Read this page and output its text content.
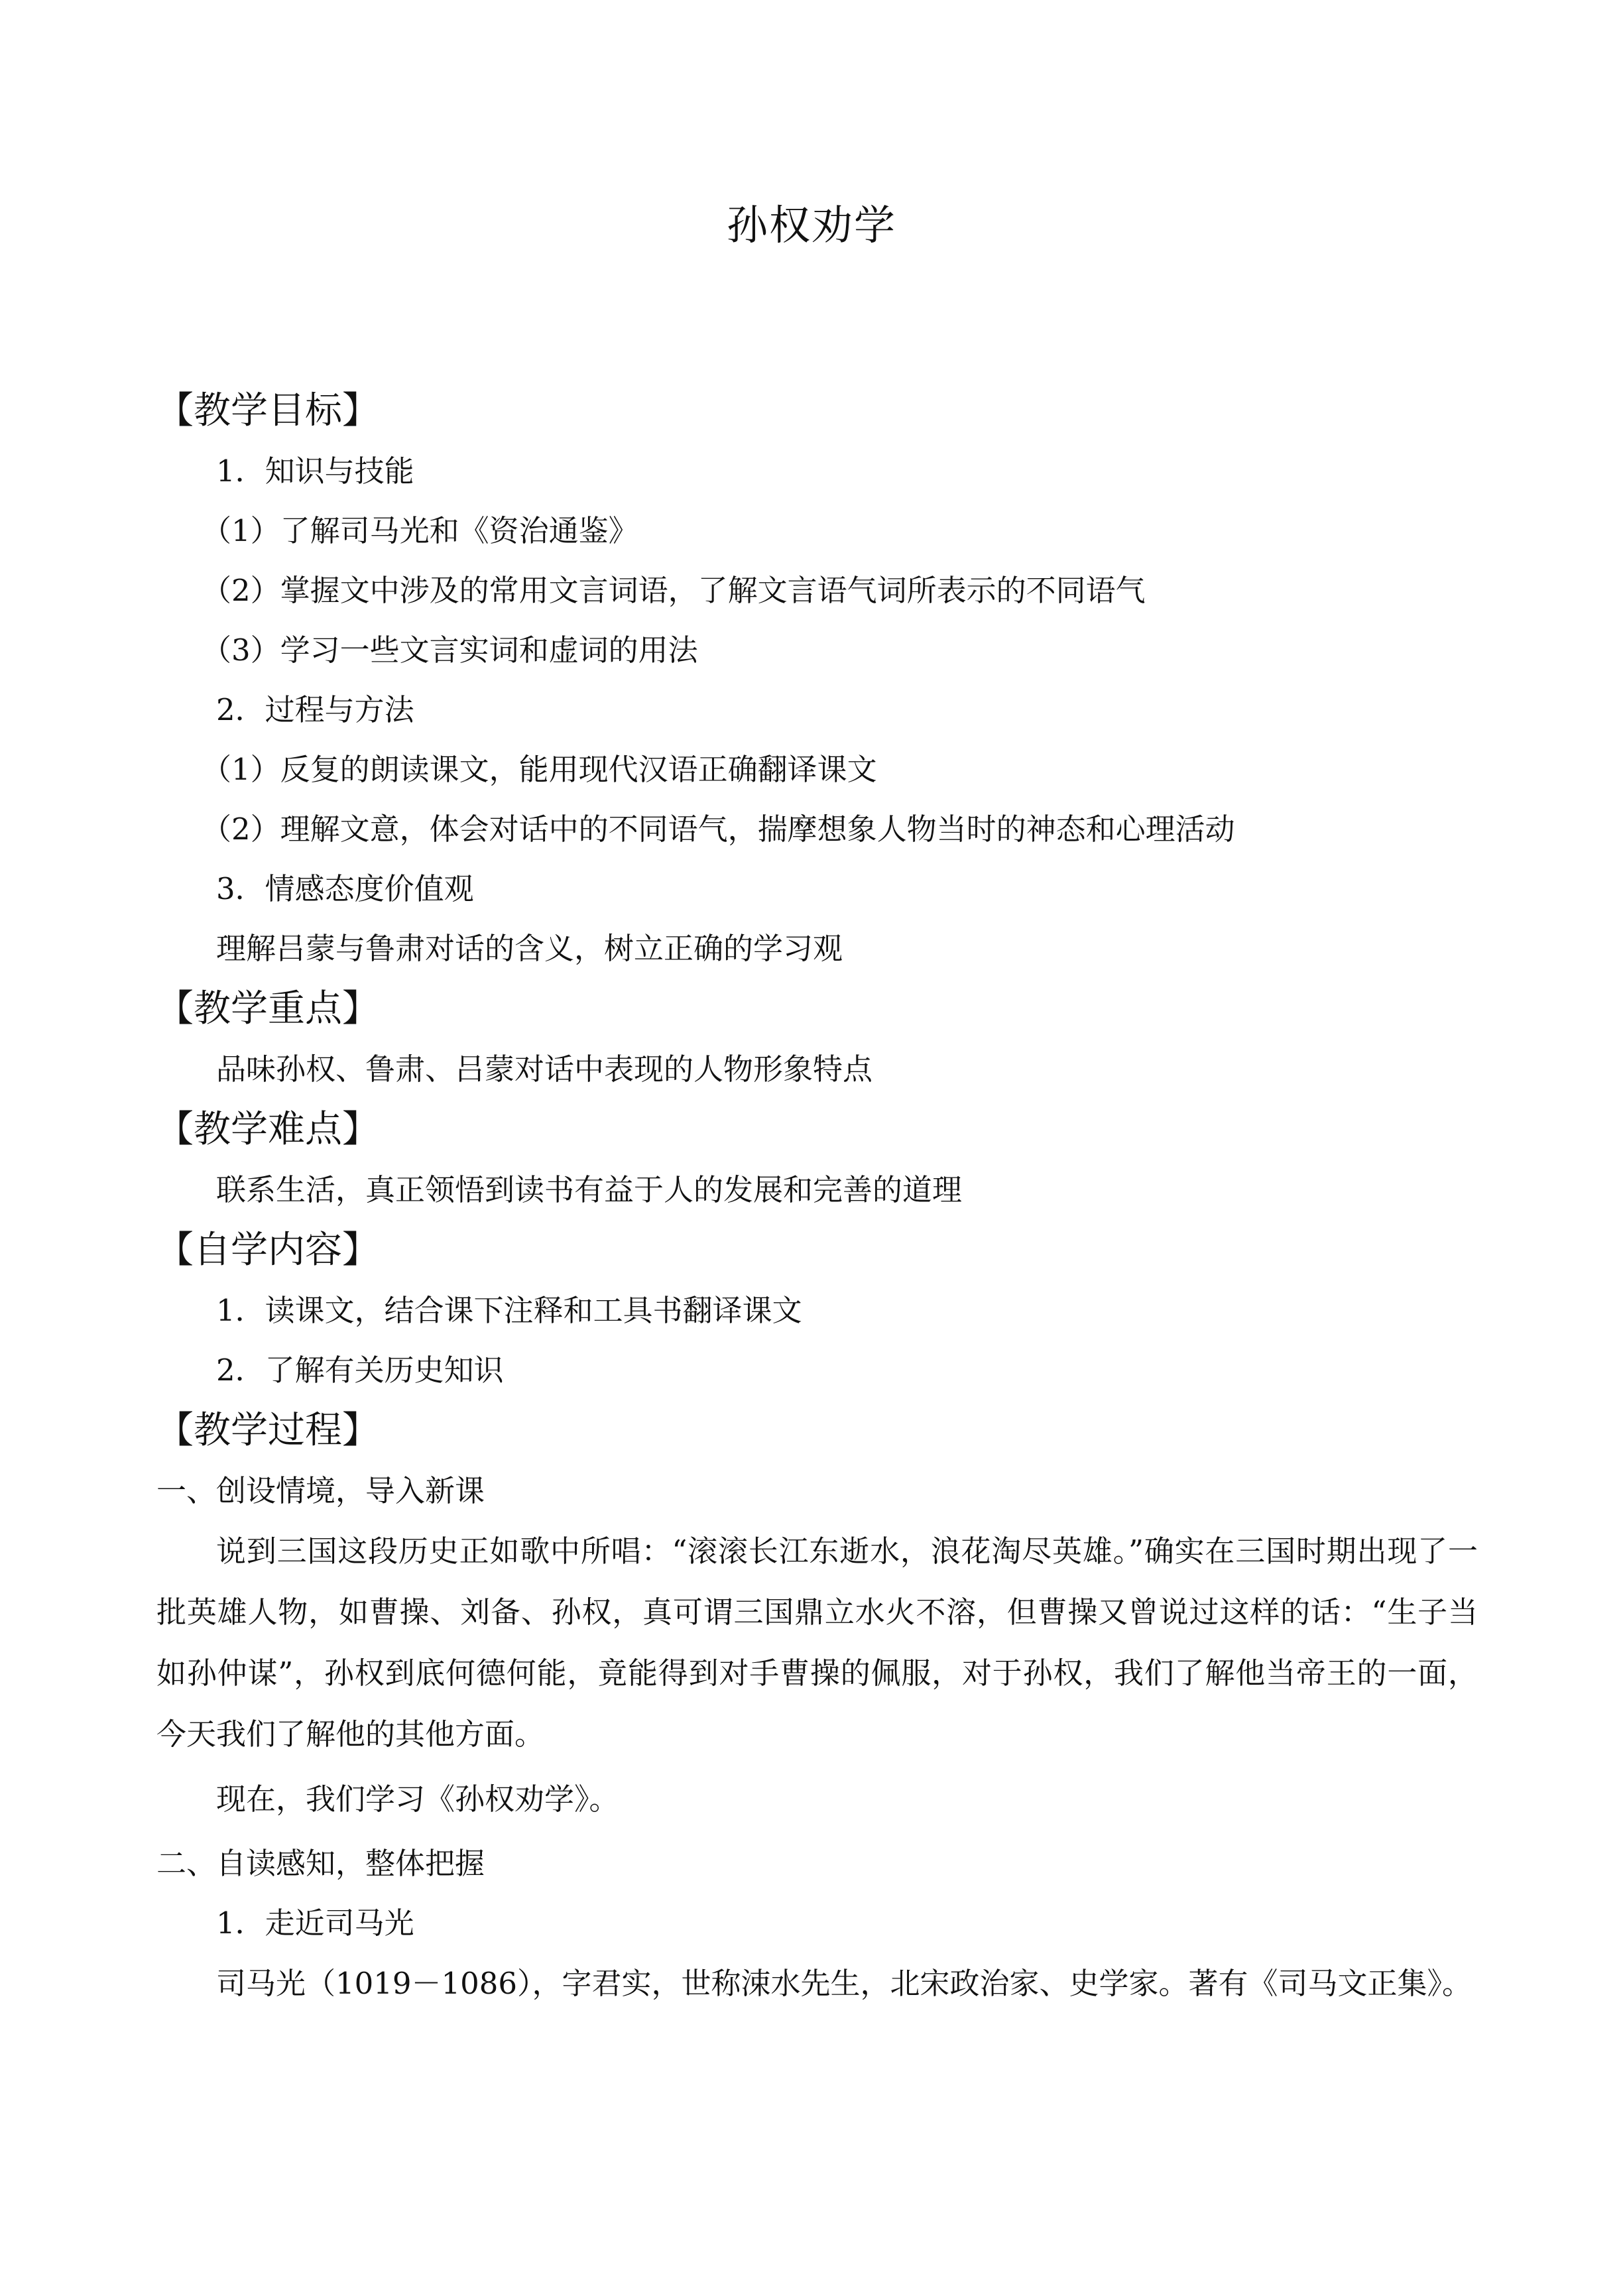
孙权劝学
【教学目标】
1．知识与技能
（1）了解司马光和《资治通鉴》
（2）掌握文中涉及的常用文言词语，了解文言语气词所表示的不同语气
（3）学习一些文言实词和虚词的用法
2．过程与方法
（1）反复的朗读课文，能用现代汉语正确翻译课文
（2）理解文意，体会对话中的不同语气，揣摩想象人物当时的神态和心理活动
3．情感态度价值观
理解吕蒙与鲁肃对话的含义，树立正确的学习观
【教学重点】
品味孙权、鲁肃、吕蒙对话中表现的人物形象特点
【教学难点】
联系生活，真正领悟到读书有益于人的发展和完善的道理
【自学内容】
1．读课文，结合课下注释和工具书翻译课文
2．了解有关历史知识
【教学过程】
一、创设情境，导入新课
说到三国这段历史正如歌中所唱：“滚滚长江东逝水，浪花淘尽英雄。”确实在三国时期出现了一批英雄人物，如曹操、刘备、孙权，真可谓三国鼎立水火不溶，但曹操又曾说过这样的话：“生子当如孙仲谋”，孙权到底何德何能，竟能得到对手曹操的佩服，对于孙权，我们了解他当帝王的一面，今天我们了解他的其他方面。
现在，我们学习《孙权劝学》。
二、自读感知，整体把握
1．走近司马光
司马光（1019－1086），字君实，世称涑水先生，北宋政治家、史学家。著有《司马文正集》。
